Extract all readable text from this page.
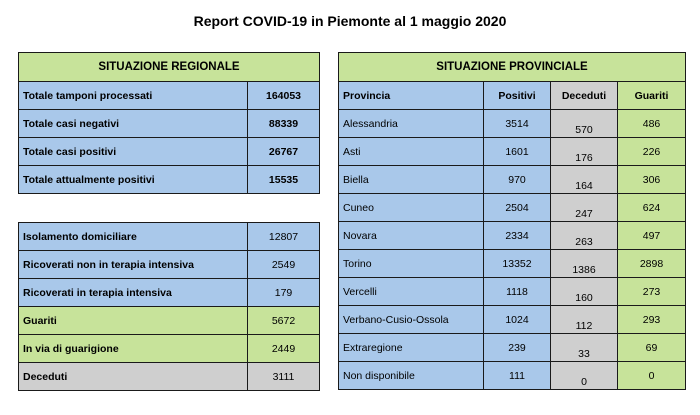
Report COVID-19 in Piemonte al 1 maggio 2020
SITUAZIONE REGIONALE	
Totale tamponi processati	164053
Totale casi negativi	88339
Totale casi positivi	26767
Totale attualmente positivi	15535
Isolamento domiciliare	12807
Ricoverati non in terapia intensiva	2549
Ricoverati in terapia intensiva	179
Guariti	5672
In via di guarigione	2449
Deceduti	3111
SITUAZIONE PROVINCIALE			
Provincia	Positivi	Deceduti	Guariti
Alessandria	3514	570	486
Asti	1601	176	226
Biella	970	164	306
Cuneo	2504	247	624
Novara	2334	263	497
Torino	13352	1386	2898
Vercelli	1118	160	273
Verbano-Cusio-Ossola	1024	112	293
Extraregione	239	33	69
Non disponibile	111	0	0
